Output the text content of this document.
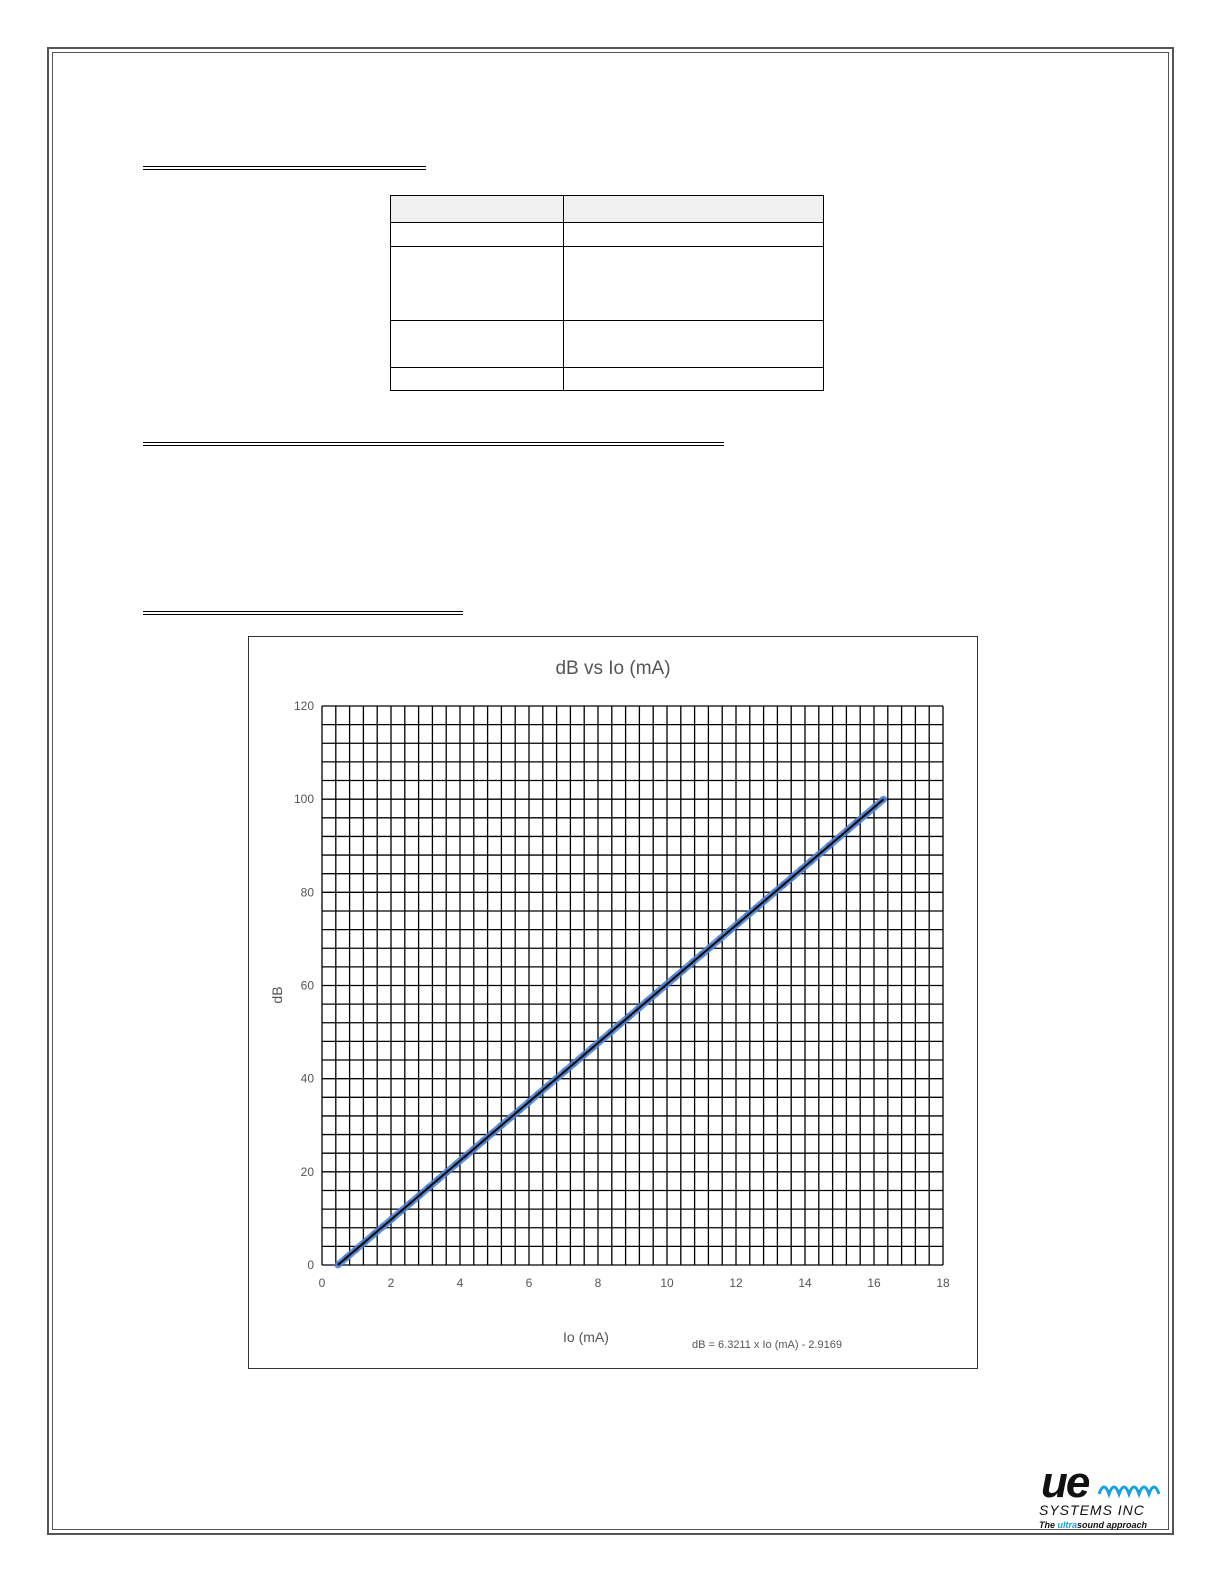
dB vs Io (mA)
0
20
40
60
80
100
120
0	2	4	6	8	10	12	14	16	18
dB
Io (mA)	dB = 6.3211 x Io (mA) - 2.9169
ue
SYSTEMS INC
The ultrasound approach
